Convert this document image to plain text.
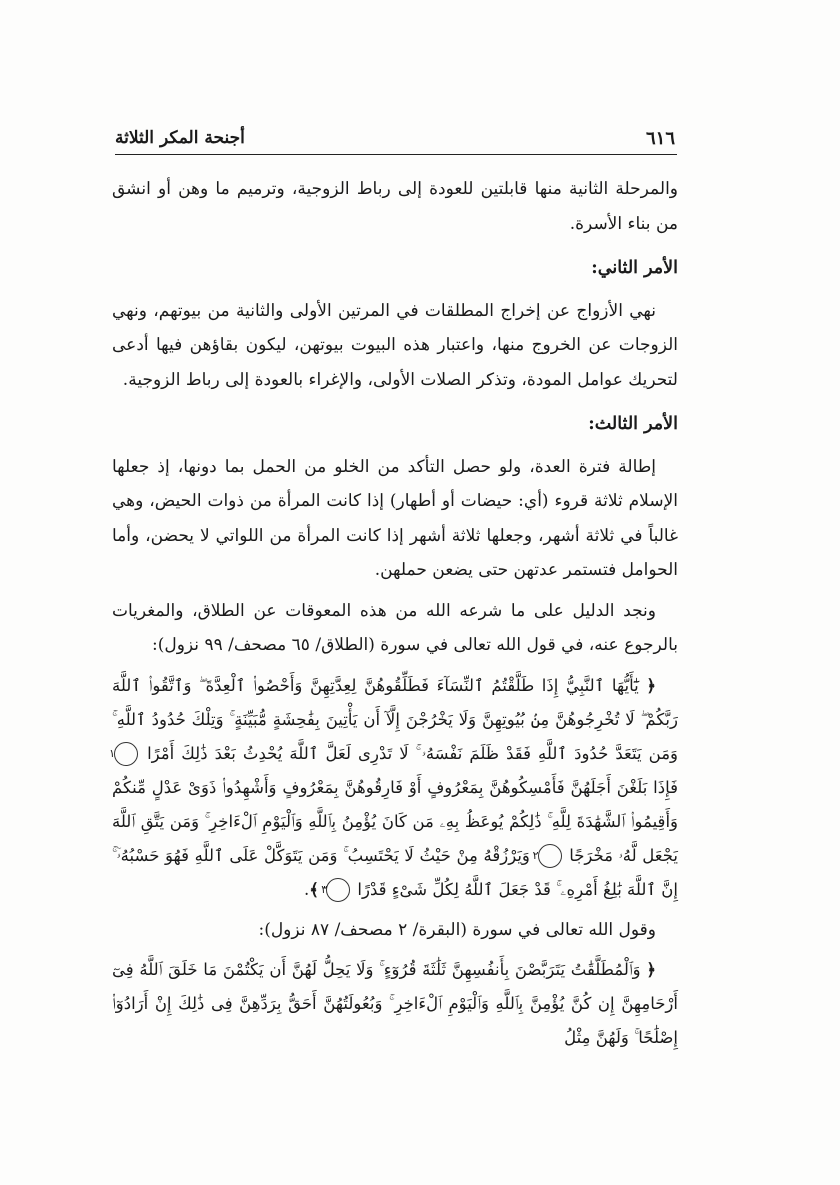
٦١٦
أجنحة المكر الثلاثة

والمرحلة الثانية منها قابلتين للعودة إلى رباط الزوجية، وترميم ما وهن أو انشق من بناء الأسرة.

الأمر الثاني:

نهي الأزواج عن إخراج المطلقات في المرتين الأولى والثانية من بيوتهم، ونهي الزوجات عن الخروج منها، واعتبار هذه البيوت بيوتهن، ليكون بقاؤهن فيها أدعى لتحريك عوامل المودة، وتذكر الصلات الأولى، والإغراء بالعودة إلى رباط الزوجية.

الأمر الثالث:

إطالة فترة العدة، ولو حصل التأكد من الخلو من الحمل بما دونها، إذ جعلها الإسلام ثلاثة قروء (أي: حيضات أو أطهار) إذا كانت المرأة من ذوات الحيض، وهي غالباً في ثلاثة أشهر، وجعلها ثلاثة أشهر إذا كانت المرأة من اللواتي لا يحضن، وأما الحوامل فتستمر عدتهن حتى يضعن حملهن.

ونجد الدليل على ما شرعه الله من هذه المعوقات عن الطلاق، والمغريات بالرجوع عنه، في قول الله تعالى في سورة (الطلاق/ ٦٥ مصحف/ ٩٩ نزول):

﴿ يَٰٓأَيُّهَا ٱلنَّبِيُّ إِذَا طَلَّقْتُمُ ٱلنِّسَآءَ فَطَلِّقُوهُنَّ لِعِدَّتِهِنَّ وَأَحْصُوا۟ ٱلْعِدَّةَ ۖ وَٱتَّقُوا۟ ٱللَّهَ رَبَّكُمْ ۖ لَا تُخْرِجُوهُنَّ مِنۢ بُيُوتِهِنَّ وَلَا يَخْرُجْنَ إِلَّآ أَن يَأْتِينَ بِفَٰحِشَةٍ مُّبَيِّنَةٍ ۚ وَتِلْكَ حُدُودُ ٱللَّهِ ۚ وَمَن يَتَعَدَّ حُدُودَ ٱللَّهِ فَقَدْ ظَلَمَ نَفْسَهُۥ ۚ لَا تَدْرِى لَعَلَّ ٱللَّهَ يُحْدِثُ بَعْدَ ذَٰلِكَ أَمْرًا ١ فَإِذَا بَلَغْنَ أَجَلَهُنَّ فَأَمْسِكُوهُنَّ بِمَعْرُوفٍ أَوْ فَارِقُوهُنَّ بِمَعْرُوفٍ وَأَشْهِدُوا۟ ذَوَىْ عَدْلٍ مِّنكُمْ وَأَقِيمُوا۟ ٱلشَّهَٰدَةَ لِلَّهِ ۚ ذَٰلِكُمْ يُوعَظُ بِهِۦ مَن كَانَ يُؤْمِنُ بِٱللَّهِ وَٱلْيَوْمِ ٱلْءَاخِرِ ۚ وَمَن يَتَّقِ ٱللَّهَ يَجْعَل لَّهُۥ مَخْرَجًا ٢ وَيَرْزُقْهُ مِنْ حَيْثُ لَا يَحْتَسِبُ ۚ وَمَن يَتَوَكَّلْ عَلَى ٱللَّهِ فَهُوَ حَسْبُهُۥٓ ۚ إِنَّ ٱللَّهَ بَٰلِغُ أَمْرِهِۦ ۚ قَدْ جَعَلَ ٱللَّهُ لِكُلِّ شَىْءٍ قَدْرًا ٣ ﴾.

وقول الله تعالى في سورة (البقرة/ ٢ مصحف/ ٨٧ نزول):

﴿ وَٱلْمُطَلَّقَٰتُ يَتَرَبَّصْنَ بِأَنفُسِهِنَّ ثَلَٰثَةَ قُرُوٓءٍ ۚ وَلَا يَحِلُّ لَهُنَّ أَن يَكْتُمْنَ مَا خَلَقَ ٱللَّهُ فِىٓ أَرْحَامِهِنَّ إِن كُنَّ يُؤْمِنَّ بِٱللَّهِ وَٱلْيَوْمِ ٱلْءَاخِرِ ۚ وَبُعُولَتُهُنَّ أَحَقُّ بِرَدِّهِنَّ فِى ذَٰلِكَ إِنْ أَرَادُوٓا۟ إِصْلَٰحًا ۚ وَلَهُنَّ مِثْلُ
